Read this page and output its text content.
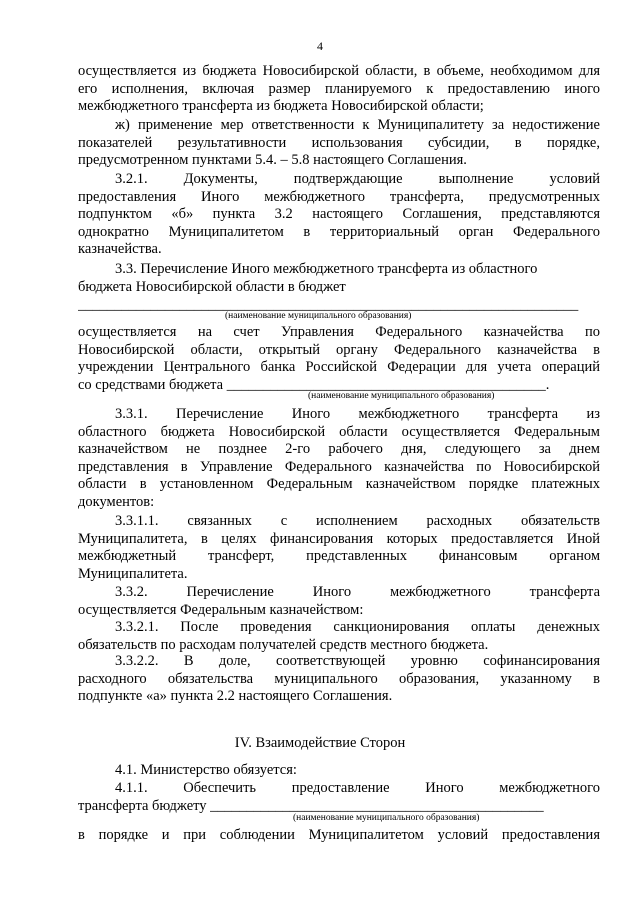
4
осуществляется из бюджета Новосибирской области, в объеме, необходимом для
его исполнения, включая размер планируемого к предоставлению иного
межбюджетного трансферта из бюджета Новосибирской области;
ж) применение мер ответственности к Муниципалитету за недостижение
показателей результативности использования субсидии, в порядке,
предусмотренном пунктами 5.4. – 5.8 настоящего Соглашения.
3.2.1. Документы, подтверждающие выполнение условий
предоставления Иного межбюджетного трансферта, предусмотренных
подпунктом «б» пункта 3.2 настоящего Соглашения, представляются
однократно Муниципалитетом в территориальный орган Федерального
казначейства.
3.3. Перечисление Иного межбюджетного трансферта из областного
бюджета Новосибирской области в бюджет
_____________________________________________________________________
(наименование муниципального образования)
осуществляется на счет Управления Федерального казначейства по
Новосибирской области, открытый органу Федерального казначейства в
учреждении Центрального банка Российской Федерации для учета операций
со средствами бюджета ____________________________________________.
(наименование муниципального образования)
3.3.1. Перечисление Иного межбюджетного трансферта из
областного бюджета Новосибирской области осуществляется Федеральным
казначейством не позднее 2-го рабочего дня, следующего за днем
представления в Управление Федерального казначейства по Новосибирской
области в установленном Федеральным казначейством порядке платежных
документов:
3.3.1.1. связанных с исполнением расходных обязательств
Муниципалитета, в целях финансирования которых предоставляется Иной
межбюджетный трансферт, представленных финансовым органом
Муниципалитета.
3.3.2. Перечисление Иного межбюджетного трансферта
осуществляется Федеральным казначейством:
3.3.2.1. После проведения санкционирования оплаты денежных
обязательств по расходам получателей средств местного бюджета.
3.3.2.2. В доле, соответствующей уровню софинансирования
расходного обязательства муниципального образования, указанному в
подпункте «а» пункта 2.2 настоящего Соглашения.
IV. Взаимодействие Сторон
4.1. Министерство обязуется:
4.1.1. Обеспечить предоставление Иного межбюджетного
трансферта бюджету ______________________________________________
(наименование муниципального образования)
в порядке и при соблюдении Муниципалитетом условий предоставления
